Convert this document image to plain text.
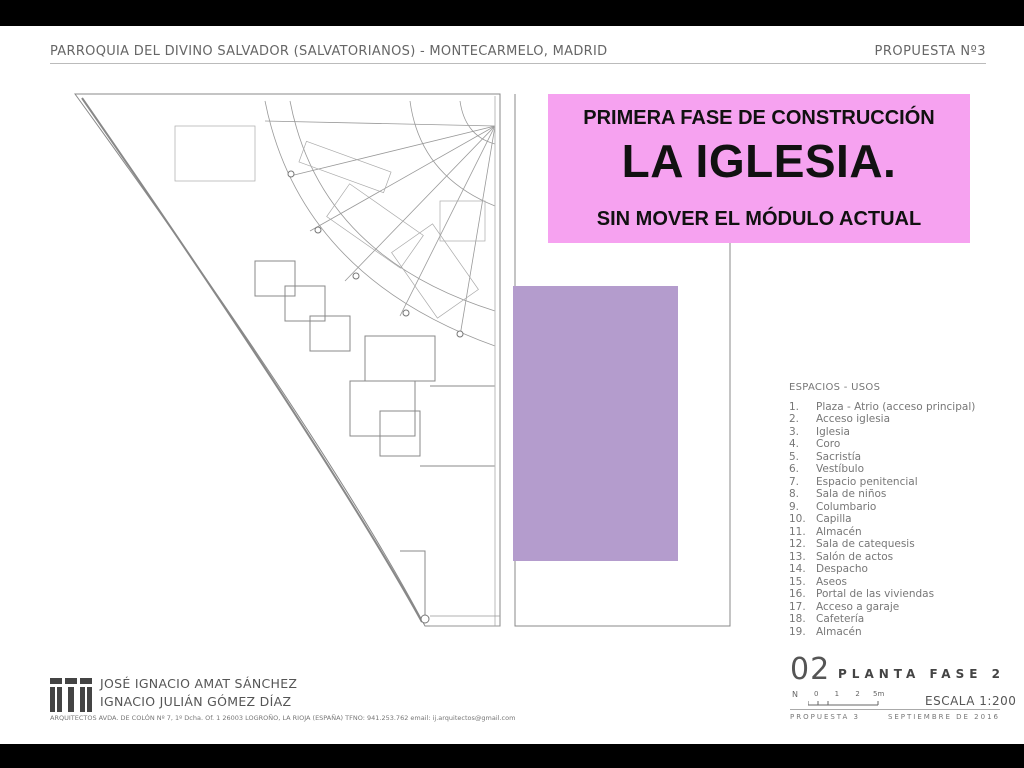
PARROQUIA DEL DIVINO SALVADOR (SALVATORIANOS) - MONTECARMELO, MADRID	PROPUESTA Nº3
PRIMERA FASE DE CONSTRUCCIÓN
LA IGLESIA.
SIN MOVER EL MÓDULO ACTUAL
ESPACIOS - USOS
1. Plaza - Atrio (acceso principal)
2. Acceso iglesia
3. Iglesia
4. Coro
5. Sacristía
6. Vestíbulo
7. Espacio penitencial
8. Sala de niños
9. Columbario
10. Capilla
11. Almacén
12. Sala de catequesis
13. Salón de actos
14. Despacho
15. Aseos
16. Portal de las viviendas
17. Acceso a garaje
18. Cafetería
19. Almacén
02 PLANTA FASE 2
N 0 1 2 5m	ESCALA 1:200
PROPUESTA 3	SEPTIEMBRE DE 2016
JOSÉ IGNACIO AMAT SÁNCHEZ
IGNACIO JULIÁN GÓMEZ DÍAZ
ARQUITECTOS AVDA. DE COLÓN Nº 7, 1º Dcha. Of. 1 26003 LOGROÑO, LA RIOJA (ESPAÑA) TFNO: 941.253.762 email: ij.arquitectos@gmail.com
